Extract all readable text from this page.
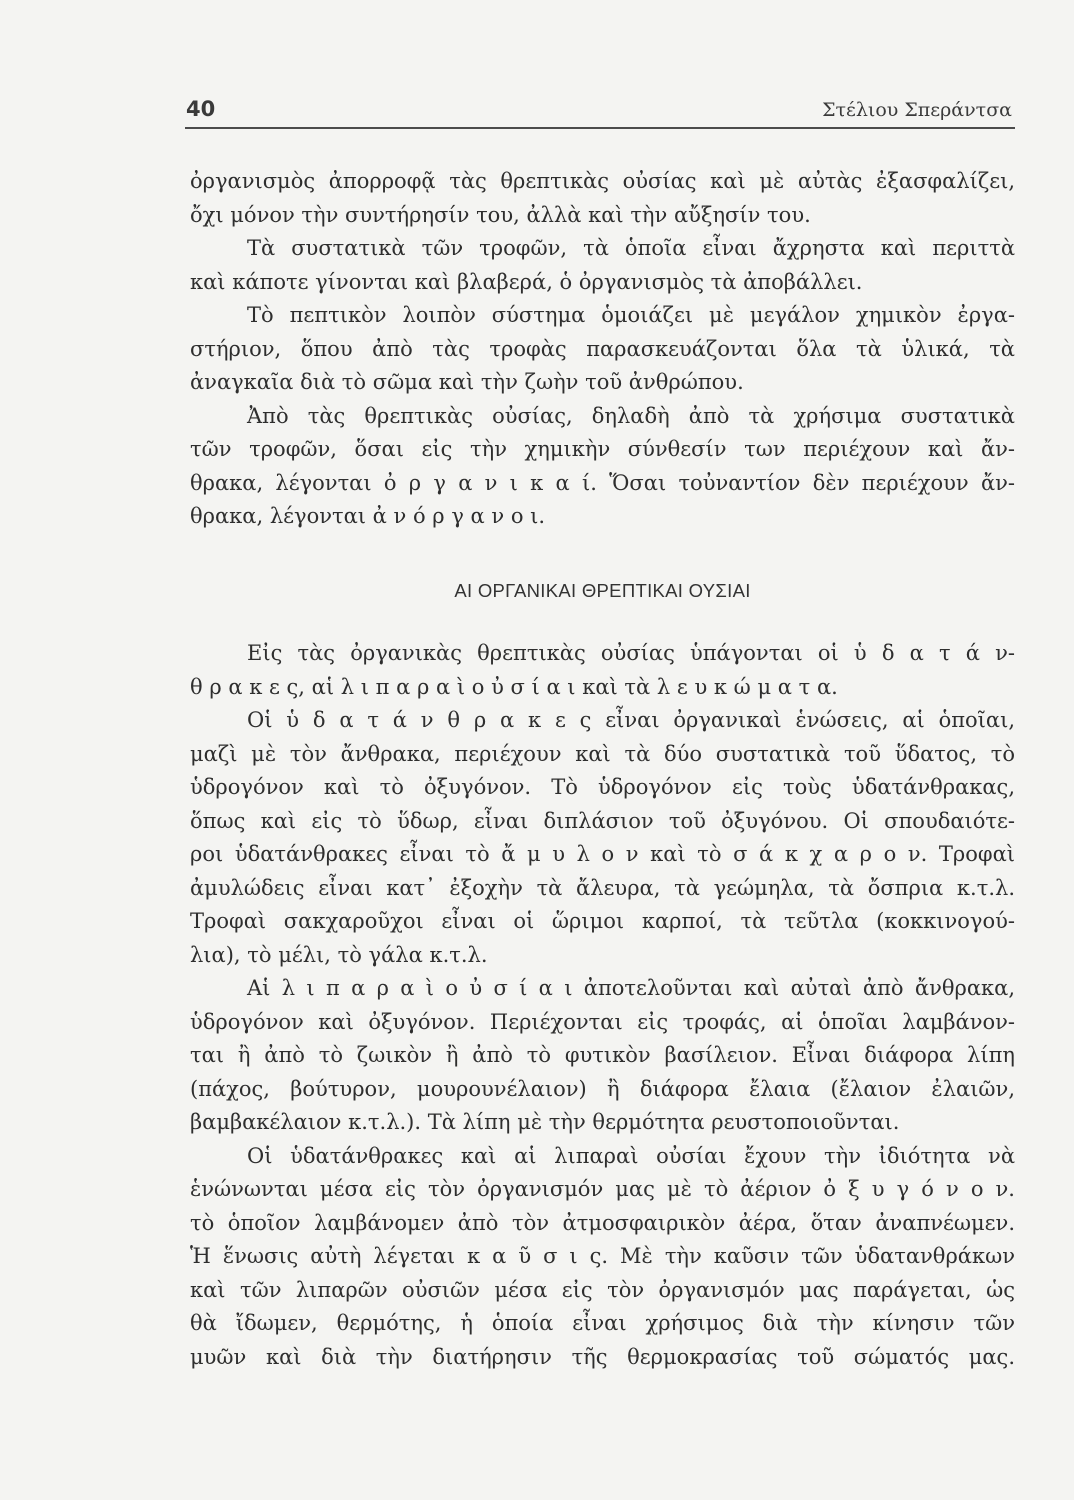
40	Στέλιου Σπεράντσα
ὀργανισμὸς ἀπορροφᾷ τὰς θρεπτικὰς οὐσίας καὶ μὲ αὐτὰς ἐξασφαλίζει,
ὄχι μόνον τὴν συντήρησίν του, ἀλλὰ καὶ τὴν αὔξησίν του.
Τὰ συστατικὰ τῶν τροφῶν, τὰ ὁποῖα εἶναι ἄχρηστα καὶ περιττὰ
καὶ κάποτε γίνονται καὶ βλαβερά, ὁ ὀργανισμὸς τὰ ἀποβάλλει.
Τὸ πεπτικὸν λοιπὸν σύστημα ὁμοιάζει μὲ μεγάλον χημικὸν ἐργα-
στήριον, ὅπου ἀπὸ τὰς τροφὰς παρασκευάζονται ὅλα τὰ ὑλικά, τὰ
ἀναγκαῖα διὰ τὸ σῶμα καὶ τὴν ζωὴν τοῦ ἀνθρώπου.
Ἀπὸ τὰς θρεπτικὰς οὐσίας, δηλαδὴ ἀπὸ τὰ χρήσιμα συστατικὰ
τῶν τροφῶν, ὅσαι εἰς τὴν χημικὴν σύνθεσίν των περιέχουν καὶ ἄν-
θρακα, λέγονται ὀ ρ γ α ν ι κ α ί. Ὅσαι τοὐναντίον δὲν περιέχουν ἄν-
θρακα, λέγονται ἀ ν ό ρ γ α ν ο ι.
ΑΙ ΟΡΓΑΝΙΚΑΙ ΘΡΕΠΤΙΚΑΙ ΟΥΣΙΑΙ
Εἰς τὰς ὀργανικὰς θρεπτικὰς οὐσίας ὑπάγονται οἱ ὑ δ α τ ά ν-
θ ρ α κ ε ς, αἱ λ ι π α ρ α ὶ ο ὐ σ ί α ι καὶ τὰ λ ε υ κ ώ μ α τ α.
Οἱ ὑ δ α τ ά ν θ ρ α κ ε ς εἶναι ὀργανικαὶ ἑνώσεις, αἱ ὁποῖαι,
μαζὶ μὲ τὸν ἄνθρακα, περιέχουν καὶ τὰ δύο συστατικὰ τοῦ ὕδατος, τὸ
ὑδρογόνον καὶ τὸ ὀξυγόνον. Τὸ ὑδρογόνον εἰς τοὺς ὑδατάνθρακας,
ὅπως καὶ εἰς τὸ ὕδωρ, εἶναι διπλάσιον τοῦ ὀξυγόνου. Οἱ σπουδαιότε-
ροι ὑδατάνθρακες εἶναι τὸ ἄ μ υ λ ο ν καὶ τὸ σ ά κ χ α ρ ο ν. Τροφαὶ
ἀμυλώδεις εἶναι κατ᾿ ἐξοχὴν τὰ ἄλευρα, τὰ γεώμηλα, τὰ ὄσπρια κ.τ.λ.
Τροφαὶ σακχαροῦχοι εἶναι οἱ ὥριμοι καρποί, τὰ τεῦτλα (κοκκινογού-
λια), τὸ μέλι, τὸ γάλα κ.τ.λ.
Αἱ λ ι π α ρ α ὶ ο ὐ σ ί α ι ἀποτελοῦνται καὶ αὐταὶ ἀπὸ ἄνθρακα,
ὑδρογόνον καὶ ὀξυγόνον. Περιέχονται εἰς τροφάς, αἱ ὁποῖαι λαμβάνον-
ται ἢ ἀπὸ τὸ ζωικὸν ἢ ἀπὸ τὸ φυτικὸν βασίλειον. Εἶναι διάφορα λίπη
(πάχος, βούτυρον, μουρουνέλαιον) ἢ διάφορα ἔλαια (ἔλαιον ἐλαιῶν,
βαμβακέλαιον κ.τ.λ.). Τὰ λίπη μὲ τὴν θερμότητα ρευστοποιοῦνται.
Οἱ ὑδατάνθρακες καὶ αἱ λιπαραὶ οὐσίαι ἔχουν τὴν ἰδιότητα νὰ
ἑνώνωνται μέσα εἰς τὸν ὀργανισμόν μας μὲ τὸ ἀέριον ὀ ξ υ γ ό ν ο ν.
τὸ ὁποῖον λαμβάνομεν ἀπὸ τὸν ἀτμοσφαιρικὸν ἀέρα, ὅταν ἀναπνέωμεν.
Ἡ ἕνωσις αὐτὴ λέγεται κ α ῦ σ ι ς. Μὲ τὴν καῦσιν τῶν ὑδατανθράκων
καὶ τῶν λιπαρῶν οὐσιῶν μέσα εἰς τὸν ὀργανισμόν μας παράγεται, ὡς
θὰ ἴδωμεν, θερμότης, ἡ ὁποία εἶναι χρήσιμος διὰ τὴν κίνησιν τῶν
μυῶν καὶ διὰ τὴν διατήρησιν τῆς θερμοκρασίας τοῦ σώματός μας.
